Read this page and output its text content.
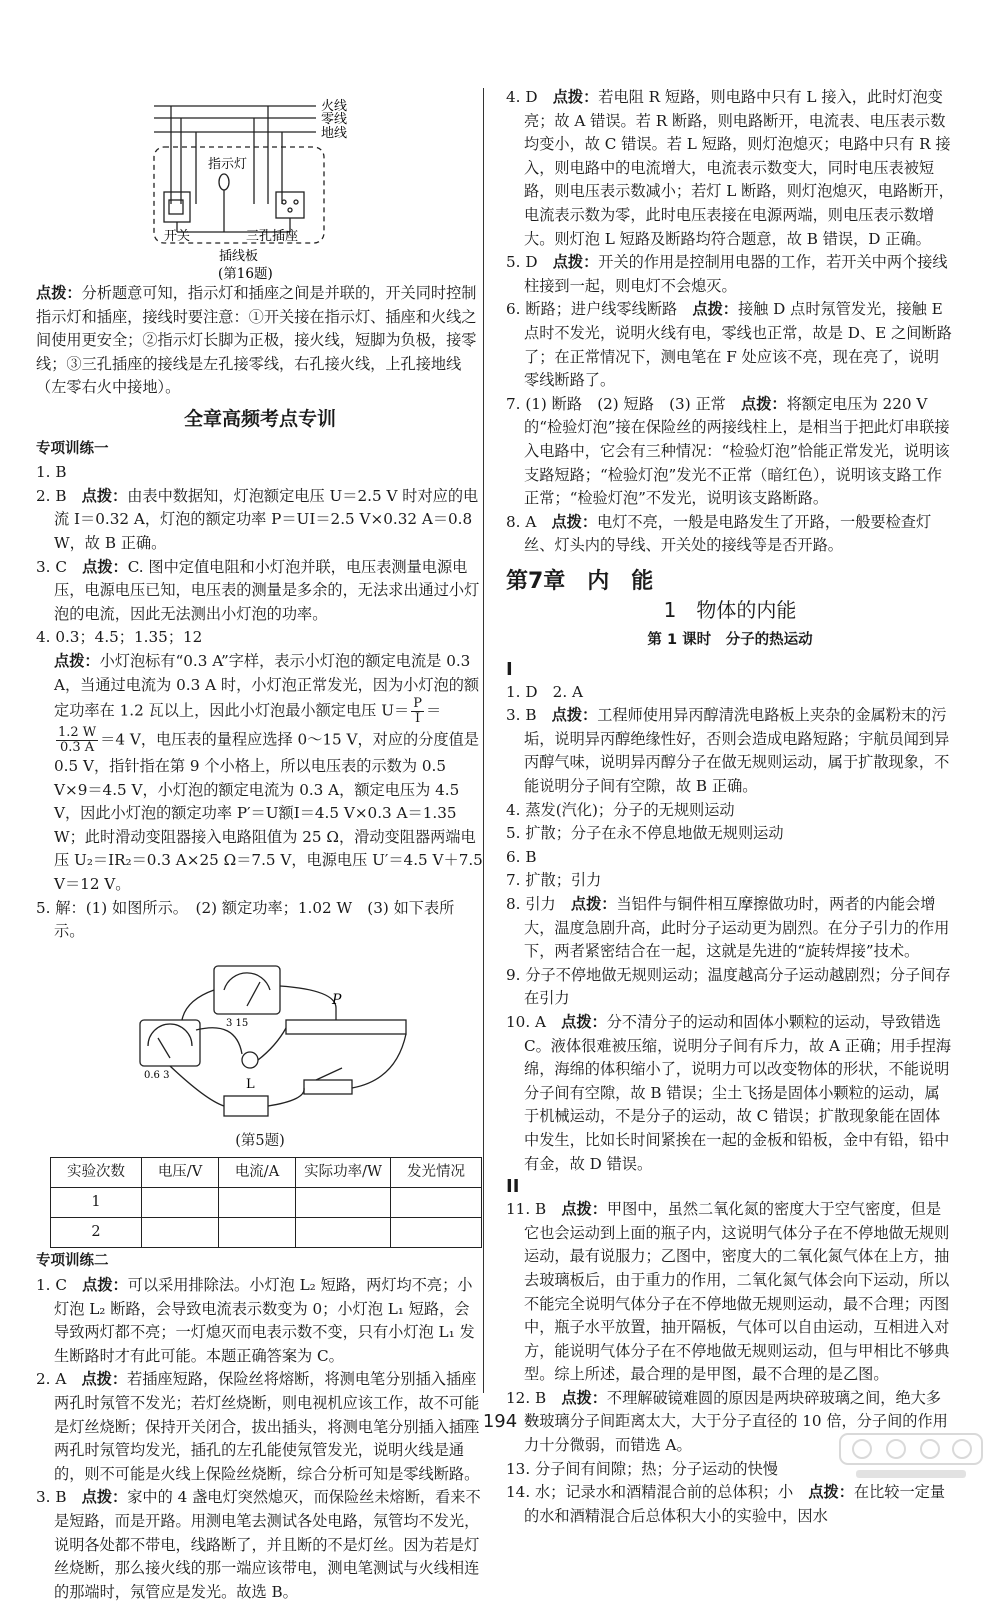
火线
零线
地线
指示灯
开关	三孔插座
插线板
(第16题)

点拨：分析题意可知，指示灯和插座之间是并联的，开关同时控制指示灯和插座，接线时要注意：①开关接在指示灯、插座和火线之间使用更安全；②指示灯长脚为正极，接火线，短脚为负极，接零线；③三孔插座的接线是左孔接零线，右孔接火线，上孔接地线（左零右火中接地）。

全章高频考点专训

专项训练一

1. B

2. B　点拨：由表中数据知，灯泡额定电压 U＝2.5 V 时对应的电流 I＝0.32 A，灯泡的额定功率 P＝UI＝2.5 V×0.32 A＝0.8 W，故 B 正确。

3. C　点拨：C. 图中定值电阻和小灯泡并联，电压表测量电源电压，电源电压已知，电压表的测量是多余的，无法求出通过小灯泡的电流，因此无法测出小灯泡的功率。

4. 0.3；4.5；1.35；12

点拨：小灯泡标有“0.3 A”字样，表示小灯泡的额定电流是 0.3 A，当通过电流为 0.3 A 时，小灯泡正常发光，因为小灯泡的额定功率在 1.2 瓦以上，因此小灯泡最小额定电压 $U= \frac{P}{I}$ ＝
$\frac{1.2 W}{0.3 A} =4$ V，电压表的量程应选择 0～15 V，对应的分度值是 0.5 V，指针指在第 9 个小格上，所以电压表的示数为 0.5 V×9＝4.5 V，小灯泡的额定电流为 0.3 A，额定电压为 4.5 V，因此小灯泡的额定功率 P′＝U额I＝4.5 V×0.3 A＝1.35 W；此时滑动变阻器接入电路阻值为 25 Ω，滑动变阻器两端电压 U₂＝IR₂＝0.3 A×25 Ω＝7.5 V，电源电压 U′＝4.5 V＋7.5 V＝12 V。

5. 解：(1) 如图所示。　(2) 额定功率；1.02 W　(3) 如下表所示。

P
L
3 15
0.6 3
(第5题)
实验次数	电压/V	电流/A	实际功率/W	发光情况
1				
2				

专项训练二

1. C　点拨：可以采用排除法。小灯泡 L₂ 短路，两灯均不亮；小灯泡 L₂ 断路，会导致电流表示数变为 0；小灯泡 L₁ 短路，会导致两灯都不亮；一灯熄灭而电表示数不变，只有小灯泡 L₁ 发生断路时才有此可能。本题正确答案为 C。

2. A　点拨：若插座短路，保险丝将熔断，将测电笔分别插入插座两孔时氖管不发光；若灯丝烧断，则电视机应该工作，故不可能是灯丝烧断；保持开关闭合，拔出插头，将测电笔分别插入插座两孔时氖管均发光，插孔的左孔能使氖管发光，说明火线是通的，则不可能是火线上保险丝烧断，综合分析可知是零线断路。

3. B　点拨：家中的 4 盏电灯突然熄灭，而保险丝未熔断，看来不是短路，而是开路。用测电笔去测试各处电路，氖管均不发光，说明各处都不带电，线路断了，并且断的不是灯丝。因为若是灯丝烧断，那么接火线的那一端应该带电，测电笔测试与火线相连的那端时，氖管应是发光。故选 B。

4. D　点拨：若电阻 R 短路，则电路中只有 L 接入，此时灯泡变亮；故 A 错误。若 R 断路，则电路断开，电流表、电压表示数均变小，故 C 错误。若 L 短路，则灯泡熄灭；电路中只有 R 接入，则电路中的电流增大，电流表示数变大，同时电压表被短路，则电压表示数减小；若灯 L 断路，则灯泡熄灭，电路断开，电流表示数为零，此时电压表接在电源两端，则电压表示数增大。则灯泡 L 短路及断路均符合题意，故 B 错误，D 正确。

5. D　点拨：开关的作用是控制用电器的工作，若开关中两个接线柱接到一起，则电灯不会熄灭。

6. 断路；进户线零线断路　点拨：接触 D 点时氖管发光，接触 E 点时不发光，说明火线有电，零线也正常，故是 D、E 之间断路了；在正常情况下，测电笔在 F 处应该不亮，现在亮了，说明零线断路了。

7. (1) 断路　(2) 短路　(3) 正常　点拨：将额定电压为 220 V 的“检验灯泡”接在保险丝的两接线柱上，是相当于把此灯串联接入电路中，它会有三种情况：“检验灯泡”恰能正常发光，说明该支路短路；“检验灯泡”发光不正常（暗红色），说明该支路工作正常；“检验灯泡”不发光，说明该支路断路。

8. A　点拨：电灯不亮，一般是电路发生了开路，一般要检查灯丝、灯头内的导线、开关处的接线等是否开路。

第7章　内　能
1　物体的内能
第 1 课时　分子的热运动
I

1. D　2. A

3. B　点拨：工程师使用异丙醇清洗电路板上夹杂的金属粉末的污垢，说明异丙醇绝缘性好，否则会造成电路短路；宇航员闻到异丙醇气味，说明异丙醇分子在做无规则运动，属于扩散现象，不能说明分子间有空隙，故 B 正确。

4. 蒸发(汽化)；分子的无规则运动

5. 扩散；分子在永不停息地做无规则运动

6. B

7. 扩散；引力

8. 引力　点拨：当铝件与铜件相互摩擦做功时，两者的内能会增大，温度急剧升高，此时分子运动更为剧烈。在分子引力的作用下，两者紧密结合在一起，这就是先进的“旋转焊接”技术。

9. 分子不停地做无规则运动；温度越高分子运动越剧烈；分子间存在引力

10. A　点拨：分不清分子的运动和固体小颗粒的运动，导致错选 C。液体很难被压缩，说明分子间有斥力，故 A 正确；用手捏海绵，海绵的体积缩小了，说明力可以改变物体的形状，不能说明分子间有空隙，故 B 错误；尘土飞扬是固体小颗粒的运动，属于机械运动，不是分子的运动，故 C 错误；扩散现象能在固体中发生，比如长时间紧挨在一起的金板和铅板，金中有铅，铅中有金，故 D 错误。

II

11. B　点拨：甲图中，虽然二氧化氮的密度大于空气密度，但是它也会运动到上面的瓶子内，这说明气体分子在不停地做无规则运动，最有说服力；乙图中，密度大的二氧化氮气体在上方，抽去玻璃板后，由于重力的作用，二氧化氮气体会向下运动，所以不能完全说明气体分子在不停地做无规则运动，最不合理；丙图中，瓶子水平放置，抽开隔板，气体可以自由运动，互相进入对方，能说明气体分子在不停地做无规则运动，但与甲相比不够典型。综上所述，最合理的是甲图，最不合理的是乙图。

12. B　点拨：不理解破镜难圆的原因是两块碎玻璃之间，绝大多数玻璃分子间距离太大，大于分子直径的 10 倍，分子间的作用力十分微弱，而错选 A。

13. 分子间有间隙；热；分子运动的快慢

14. 水；记录水和酒精混合前的总体积；小　点拨：在比较一定量的水和酒精混合后总体积大小的实验中，因水

－ 194 －
